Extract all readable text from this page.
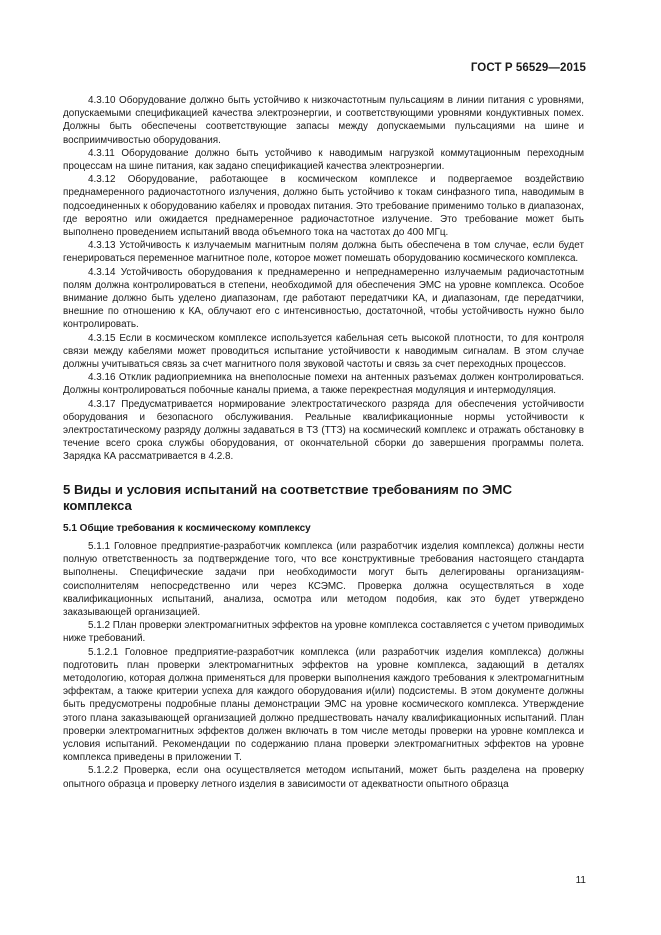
ГОСТ Р 56529—2015

4.3.10 Оборудование должно быть устойчиво к низкочастотным пульсациям в линии питания с уровнями, допускаемыми спецификацией качества электроэнергии, и соответствующими уровнями кондуктивных помех. Должны быть обеспечены соответствующие запасы между допускаемыми пульсациями на шине и восприимчивостью оборудования.

4.3.11 Оборудование должно быть устойчиво к наводимым нагрузкой коммутационным переходным процессам на шине питания, как задано спецификацией качества электроэнергии.

4.3.12 Оборудование, работающее в космическом комплексе и подвергаемое воздействию преднамеренного радиочастотного излучения, должно быть устойчиво к токам синфазного типа, наводимым в подсоединенных к оборудованию кабелях и проводах питания. Это требование применимо только в диапазонах, где вероятно или ожидается преднамеренное радиочастотное излучение. Это требование может быть выполнено проведением испытаний ввода объемного тока на частотах до 400 МГц.

4.3.13 Устойчивость к излучаемым магнитным полям должна быть обеспечена в том случае, если будет генерироваться переменное магнитное поле, которое может помешать оборудованию космического комплекса.

4.3.14 Устойчивость оборудования к преднамеренно и непреднамеренно излучаемым радиочастотным полям должна контролироваться в степени, необходимой для обеспечения ЭМС на уровне комплекса. Особое внимание должно быть уделено диапазонам, где работают передатчики КА, и диапазонам, где передатчики, внешние по отношению к КА, облучают его с интенсивностью, достаточной, чтобы устойчивость нужно было контролировать.

4.3.15 Если в космическом комплексе используется кабельная сеть высокой плотности, то для контроля связи между кабелями может проводиться испытание устойчивости к наводимым сигналам. В этом случае должны учитываться связь за счет магнитного поля звуковой частоты и связь за счет переходных процессов.

4.3.16 Отклик радиоприемника на внеполосные помехи на антенных разъемах должен контролироваться. Должны контролироваться побочные каналы приема, а также перекрестная модуляция и интермодуляция.

4.3.17 Предусматривается нормирование электростатического разряда для обеспечения устойчивости оборудования и безопасного обслуживания. Реальные квалификационные нормы устойчивости к электростатическому разряду должны задаваться в ТЗ (ТТЗ) на космический комплекс и отражать обстановку в течение всего срока службы оборудования, от окончательной сборки до завершения программы полета. Зарядка КА рассматривается в 4.2.8.

5 Виды и условия испытаний на соответствие требованиям по ЭМС комплекса
5.1 Общие требования к космическому комплексу

5.1.1 Головное предприятие-разработчик комплекса (или разработчик изделия комплекса) должны нести полную ответственность за подтверждение того, что все конструктивные требования настоящего стандарта выполнены. Специфические задачи при необходимости могут быть делегированы организациям-соисполнителям непосредственно или через КСЭМС. Проверка должна осуществляться в ходе квалификационных испытаний, анализа, осмотра или методом подобия, как это будет утверждено заказывающей организацией.

5.1.2 План проверки электромагнитных эффектов на уровне комплекса составляется с учетом приводимых ниже требований.

5.1.2.1 Головное предприятие-разработчик комплекса (или разработчик изделия комплекса) должны подготовить план проверки электромагнитных эффектов на уровне комплекса, задающий в деталях методологию, которая должна применяться для проверки выполнения каждого требования к электромагнитным эффектам, а также критерии успеха для каждого оборудования и(или) подсистемы. В этом документе должны быть предусмотрены подробные планы демонстрации ЭМС на уровне космического комплекса. Утверждение этого плана заказывающей организацией должно предшествовать началу квалификационных испытаний. План проверки электромагнитных эффектов должен включать в том числе методы проверки на уровне комплекса и условия испытаний. Рекомендации по содержанию плана проверки электромагнитных эффектов на уровне комплекса приведены в приложении Т.

5.1.2.2 Проверка, если она осуществляется методом испытаний, может быть разделена на проверку опытного образца и проверку летного изделия в зависимости от адекватности опытного образца

11
